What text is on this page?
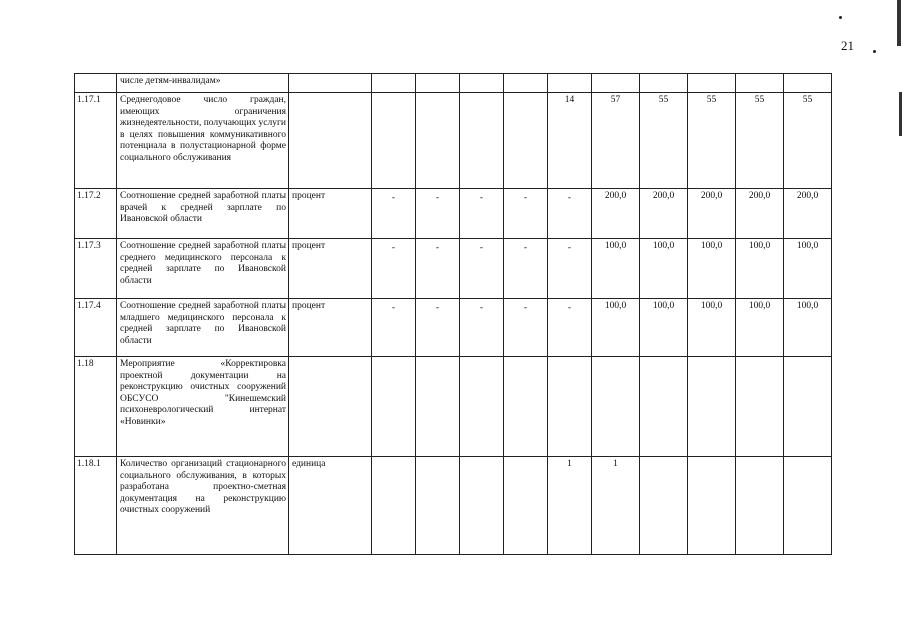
21
	числе детям-инвалидам»											
1.17.1	Среднегодовое число граждан, имеющих ограничения жизнедеятельности, получающих услуги в целях повышения коммуникативного потенциала в полустационарной форме социального обслуживания						14	57	55	55	55	55
1.17.2	Соотношение средней заработной платы врачей к средней зарплате по Ивановской области	процент	-	-	-	-	-	200,0	200,0	200,0	200,0	200,0
1.17.3	Соотношение средней заработной платы среднего медицинского персонала к средней зарплате по Ивановской области	процент	-	-	-	-	-	100,0	100,0	100,0	100,0	100,0
1.17.4	Соотношение средней заработной платы младшего медицинского персонала к средней зарплате по Ивановской области	процент	-	-	-	-	-	100,0	100,0	100,0	100,0	100,0
1.18	Мероприятие «Корректировка проектной документации на реконструкцию очистных сооружений ОБСУСО "Кинешемский психоневрологический интернат «Новинки»											
1.18.1	Количество организаций стационарного социального обслуживания, в которых разработана проектно-сметная документация на реконструкцию очистных сооружений	единица					1	1				
